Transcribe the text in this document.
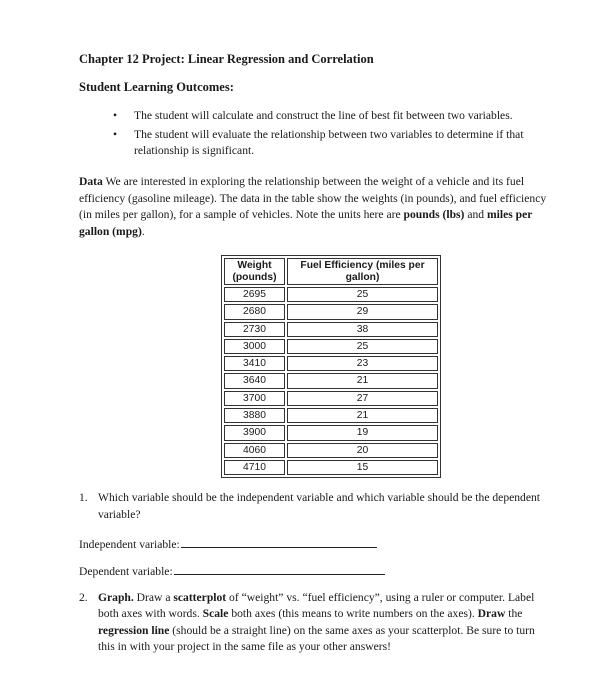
Chapter 12 Project: Linear Regression and Correlation
Student Learning Outcomes:
• The student will calculate and construct the line of best fit between two variables.
• The student will evaluate the relationship between two variables to determine if that relationship is significant.
Data We are interested in exploring the relationship between the weight of a vehicle and its fuel efficiency (gasoline mileage). The data in the table show the weights (in pounds), and fuel efficiency (in miles per gallon), for a sample of vehicles. Note the units here are pounds (lbs) and miles per gallon (mpg).
Weight (pounds)	Fuel Efficiency (miles per gallon)
2695	25
2680	29
2730	38
3000	25
3410	23
3640	21
3700	27
3880	21
3900	19
4060	20
4710	15
1. Which variable should be the independent variable and which variable should be the dependent variable?
Independent variable:
Dependent variable:
2. Graph. Draw a scatterplot of “weight” vs. “fuel efficiency”, using a ruler or computer. Label both axes with words. Scale both axes (this means to write numbers on the axes). Draw the regression line (should be a straight line) on the same axes as your scatterplot. Be sure to turn this in with your project in the same file as your other answers!
